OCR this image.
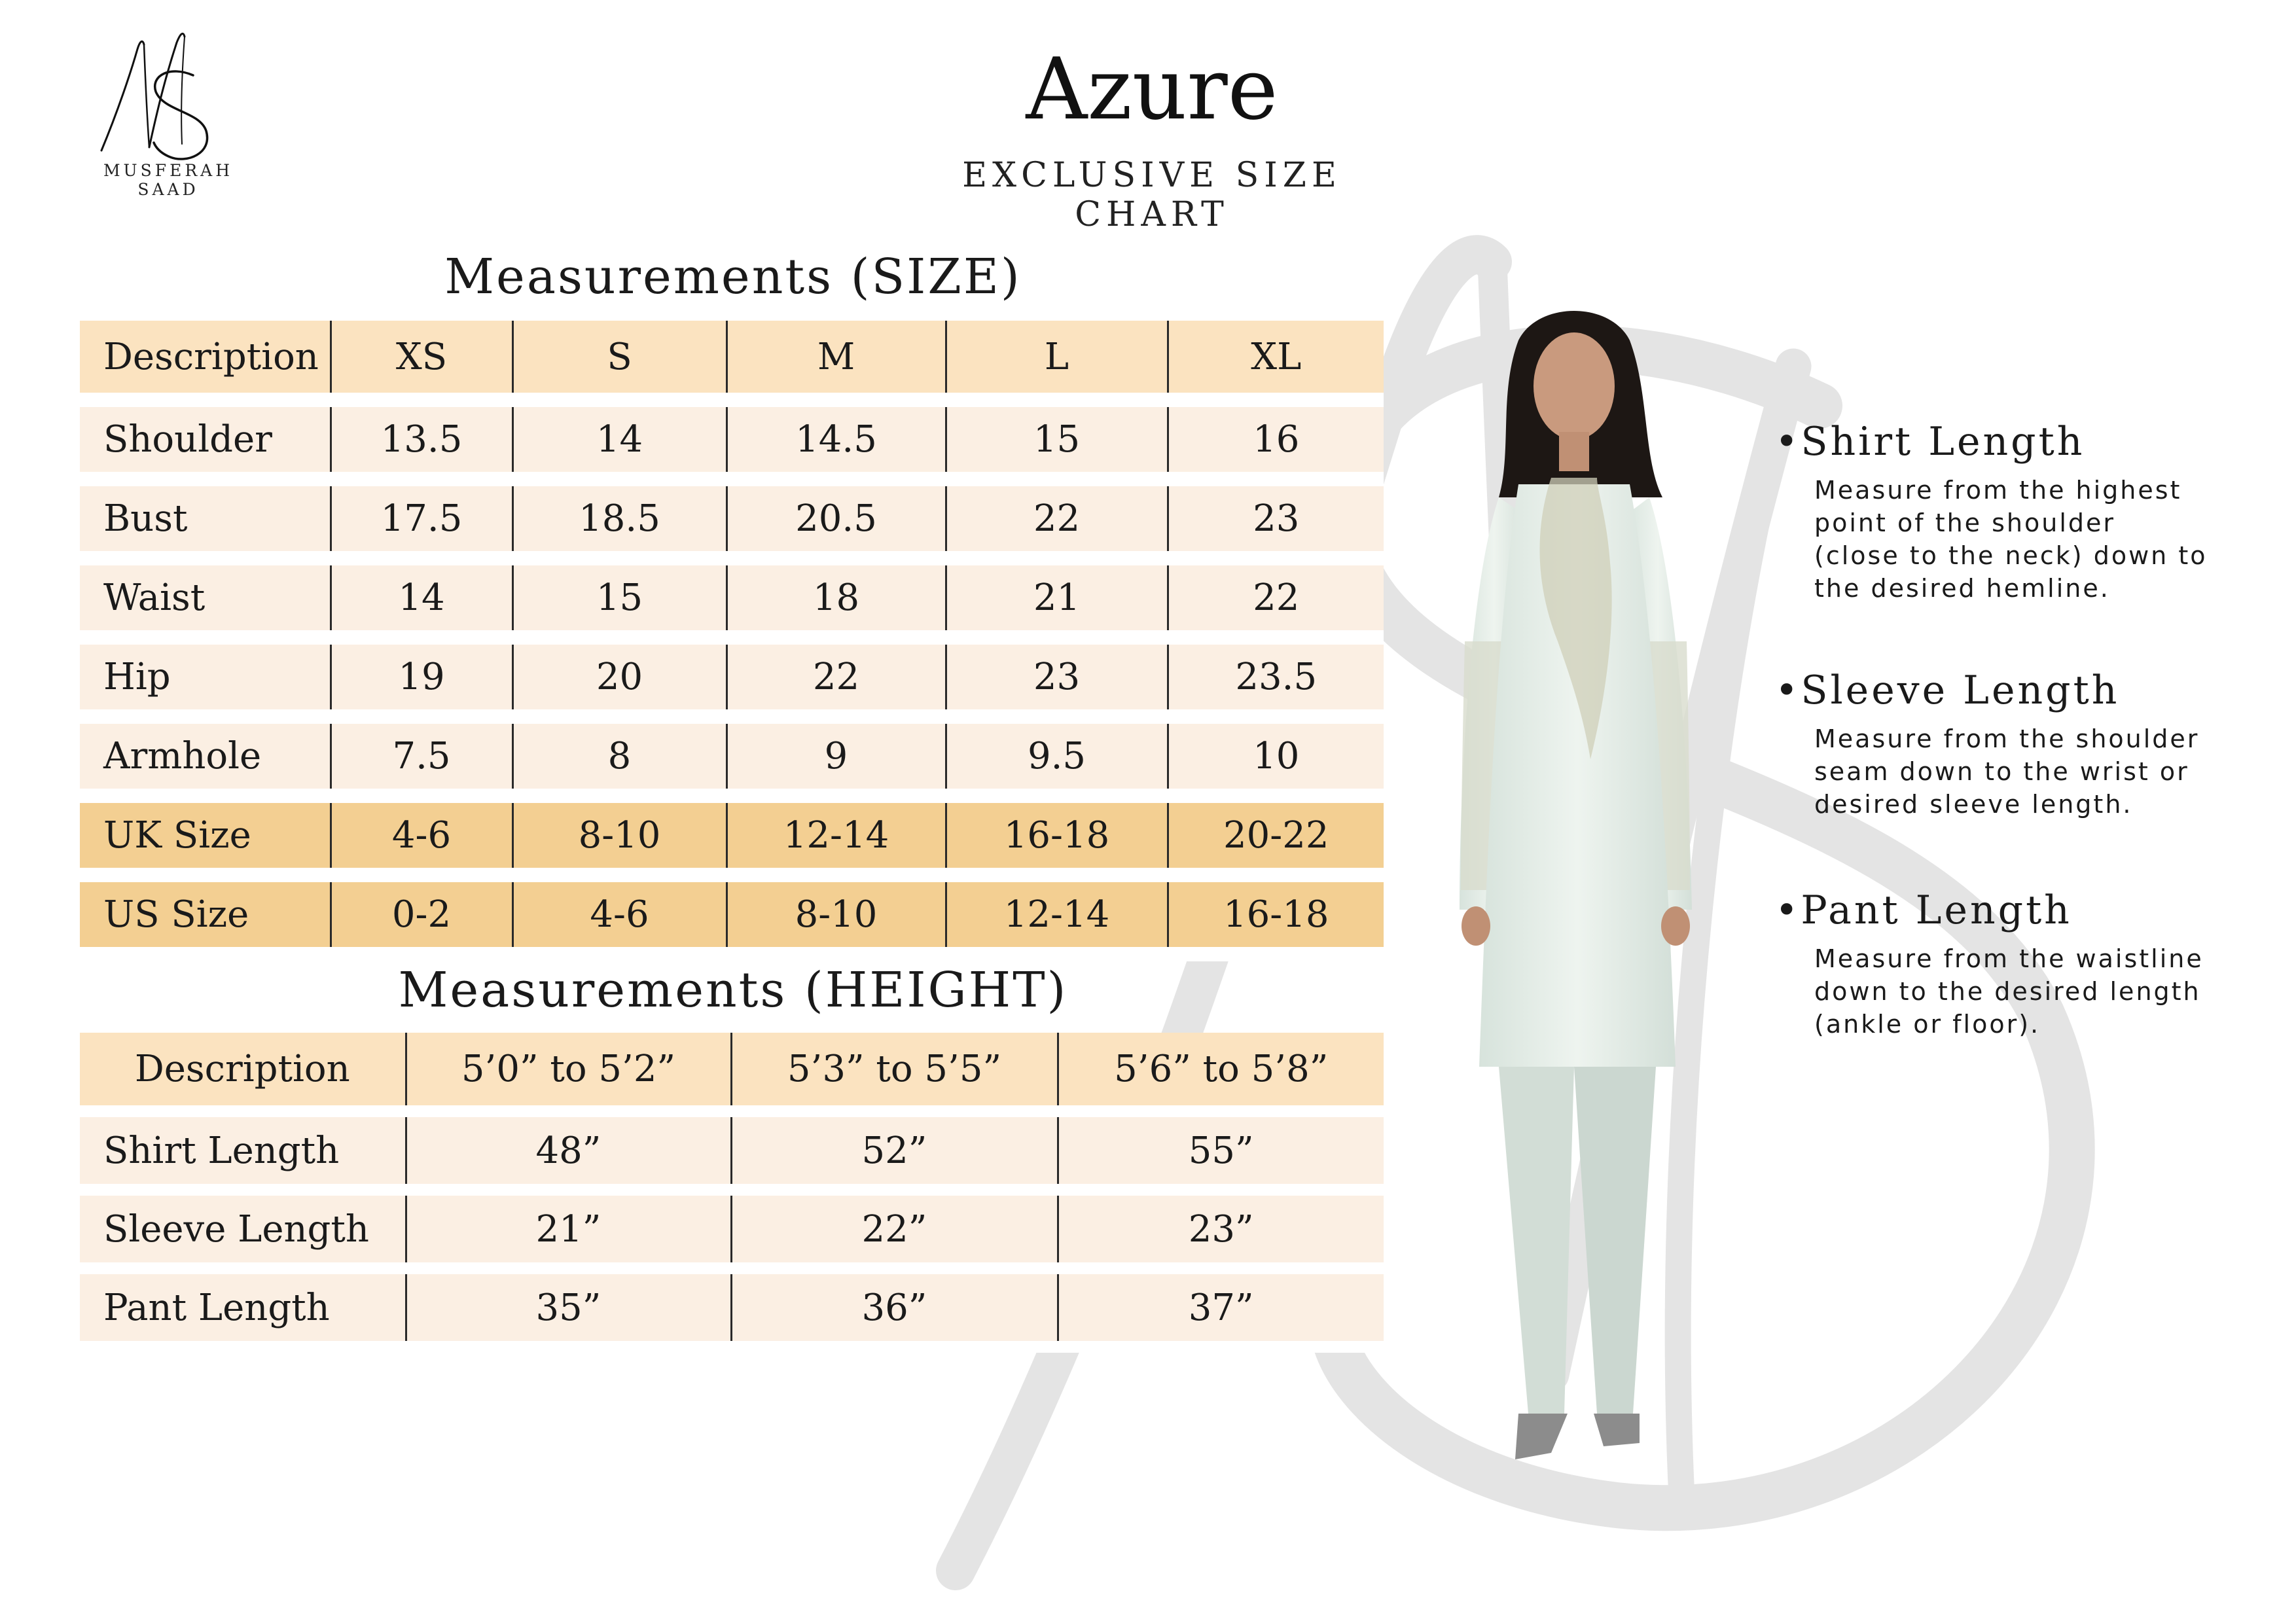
MUSFERAH SAAD
Azure
EXCLUSIVE SIZE CHART
Measurements (SIZE)
Description	XS	S	M	L	XL
Shoulder	13.5	14	14.5	15	16
Bust	17.5	18.5	20.5	22	23
Waist	14	15	18	21	22
Hip	19	20	22	23	23.5
Armhole	7.5	8	9	9.5	10
UK Size	4-6	8-10	12-14	16-18	20-22
US Size	0-2	4-6	8-10	12-14	16-18
Measurements (HEIGHT)
Description	5’0” to 5’2”	5’3” to 5’5”	5’6” to 5’8”
Shirt Length	48”	52”	55”
Sleeve Length	21”	22”	23”
Pant Length	35”	36”	37”
•Shirt Length

Measure from the highest
point of the shoulder
(close to the neck) down to
the desired hemline.

•Sleeve Length

Measure from the shoulder
seam down to the wrist or
desired sleeve length.

•Pant Length

Measure from the waistline
down to the desired length
(ankle or floor).
